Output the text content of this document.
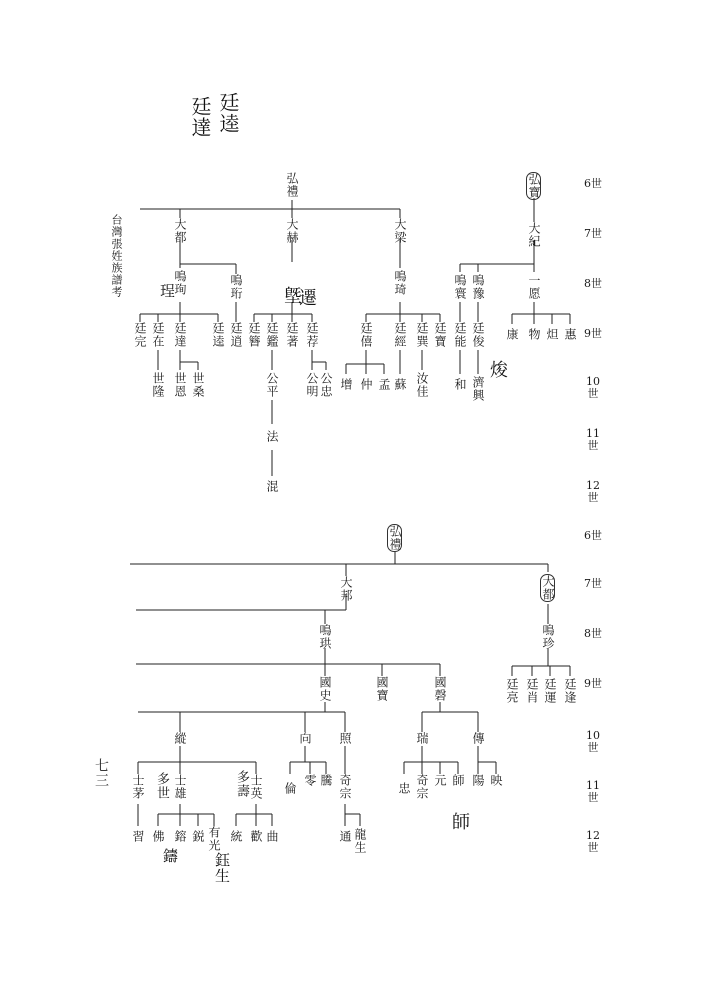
廷達 廷逵
台灣張姓族譜考
6世
7世
8世
9世
10世
11世
12世
6世
7世
8世
9世
10世
11世
12世
弘禮
大都	大赫	大梁
鳴珣	鳴珩	鳴琦
廷完 廷在 廷達 廷逵 廷逍 廷簪 廷鑑 廷著 廷荐	廷僖 廷經 廷巽 廷寶
世隆 世恩 世桑	公平 公明 公忠 增 仲 孟 蘇 汝佳
法
混
弘寶
大紀
鳴寰 鳴豫	一愿
廷能 廷俊 康 物 炟 惠
和 濟興
弘禮
大邦	大都
鳴珙	鳴珍
國史	國寶	國磬	廷亮 廷肖 廷運 廷逢
縱	向 照	瑞	傳
士茅 士雄	士英 倫
零 騰 奇宗	忠 奇宗 元 師 陽 映
習 佛 鎔 鋭 有光 統 歡 曲	通 龍生
七三
墍
遷
珵
鑄 鈺生
多世	多壽
焌
師
